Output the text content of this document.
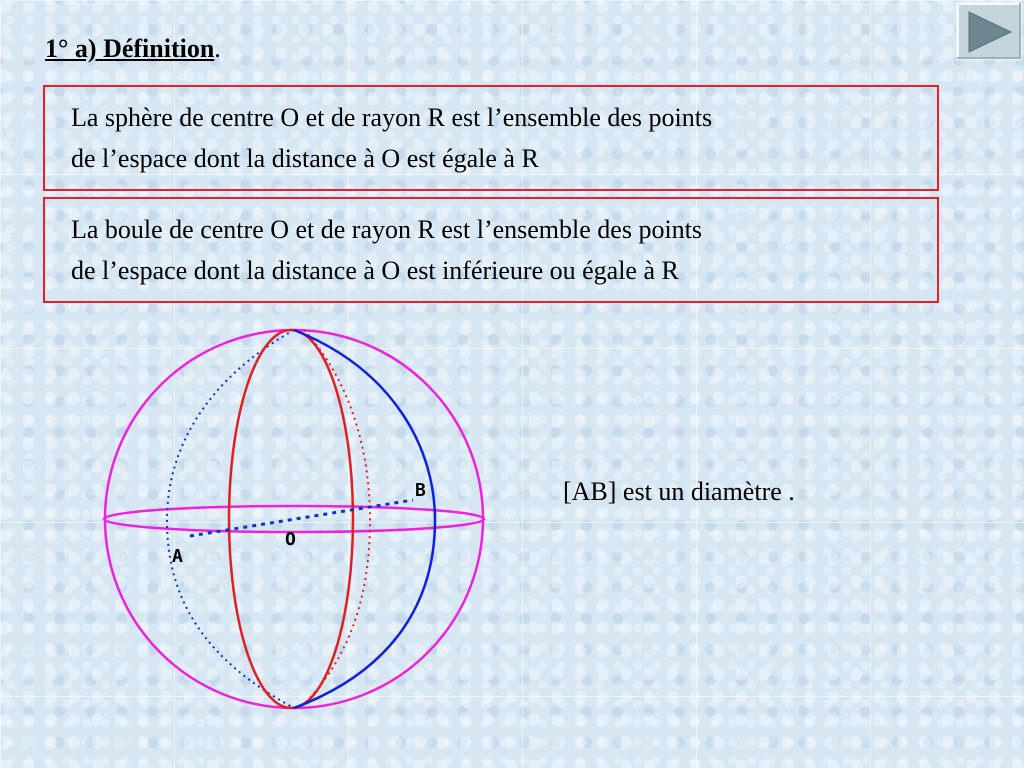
1° a) Définition.

La sphère de centre O et de rayon R est l’ensemble des points
de l’espace dont la distance à O est égale à R

La boule de centre O et de rayon R est l’ensemble des points
de l’espace dont la distance à O est inférieure ou égale à R

A
B
O
[AB] est un diamètre .
